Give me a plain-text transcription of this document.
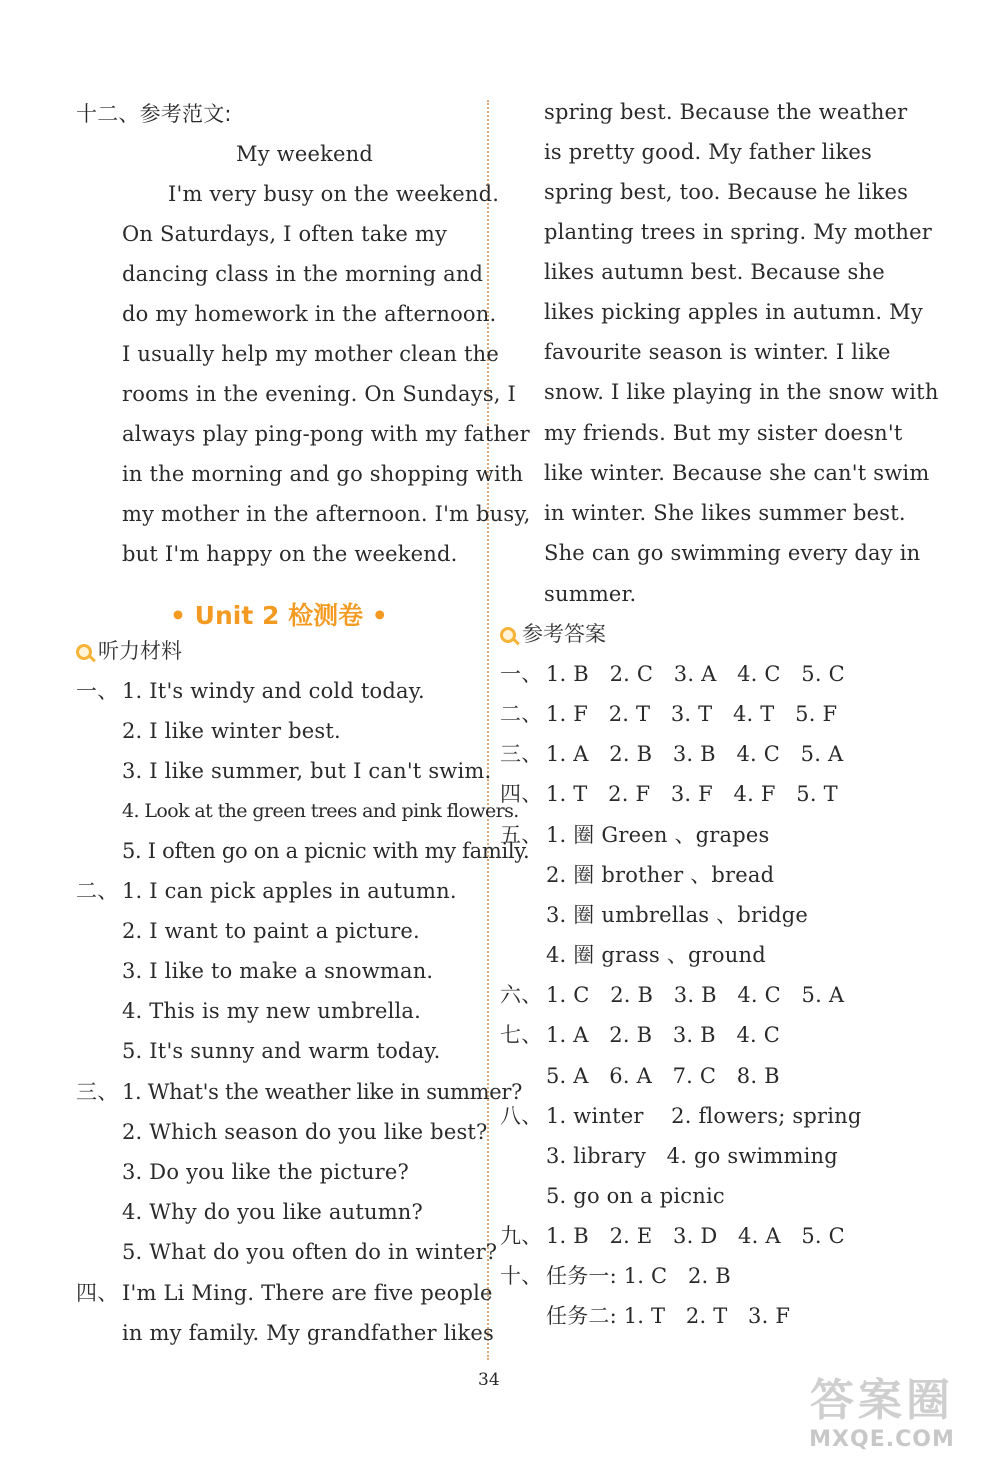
十二、参考范文:
My weekend
I'm very busy on the weekend.
On Saturdays, I often take my
dancing class in the morning and
do my homework in the afternoon.
I usually help my mother clean the
rooms in the evening. On Sundays, I
always play ping-pong with my father
in the morning and go shopping with
my mother in the afternoon. I'm busy,
but I'm happy on the weekend.
• Unit 2 检测卷 •
听力材料
一、 1. It's windy and cold today.
2. I like winter best.
3. I like summer, but I can't swim.
4. Look at the green trees and pink flowers.
5. I often go on a picnic with my family.
二、 1. I can pick apples in autumn.
2. I want to paint a picture.
3. I like to make a snowman.
4. This is my new umbrella.
5. It's sunny and warm today.
三、 1. What's the weather like in summer?
2. Which season do you like best?
3. Do you like the picture?
4. Why do you like autumn?
5. What do you often do in winter?
四、 I'm Li Ming. There are five people
in my family. My grandfather likes
spring best. Because the weather
is pretty good. My father likes
spring best, too. Because he likes
planting trees in spring. My mother
likes autumn best. Because she
likes picking apples in autumn. My
favourite season is winter. I like
snow. I like playing in the snow with
my friends. But my sister doesn't
like winter. Because she can't swim
in winter. She likes summer best.
She can go swimming every day in
summer.
参考答案
一、 1. B   2. C   3. A   4. C   5. C
二、 1. F   2. T   3. T   4. T   5. F
三、 1. A   2. B   3. B   4. C   5. A
四、 1. T   2. F   3. F   4. F   5. T
五、 1. 圈 Green 、grapes
2. 圈 brother 、bread
3. 圈 umbrellas 、bridge
4. 圈 grass 、ground
六、 1. C   2. B   3. B   4. C   5. A
七、 1. A   2. B   3. B   4. C
5. A   6. A   7. C   8. B
八、 1. winter    2. flowers; spring
3. library   4. go swimming
5. go on a picnic
九、 1. B   2. E   3. D   4. A   5. C
十、 任务一: 1. C   2. B
任务二: 1. T   2. T   3. F
34	答案圈
MXQE.COM
